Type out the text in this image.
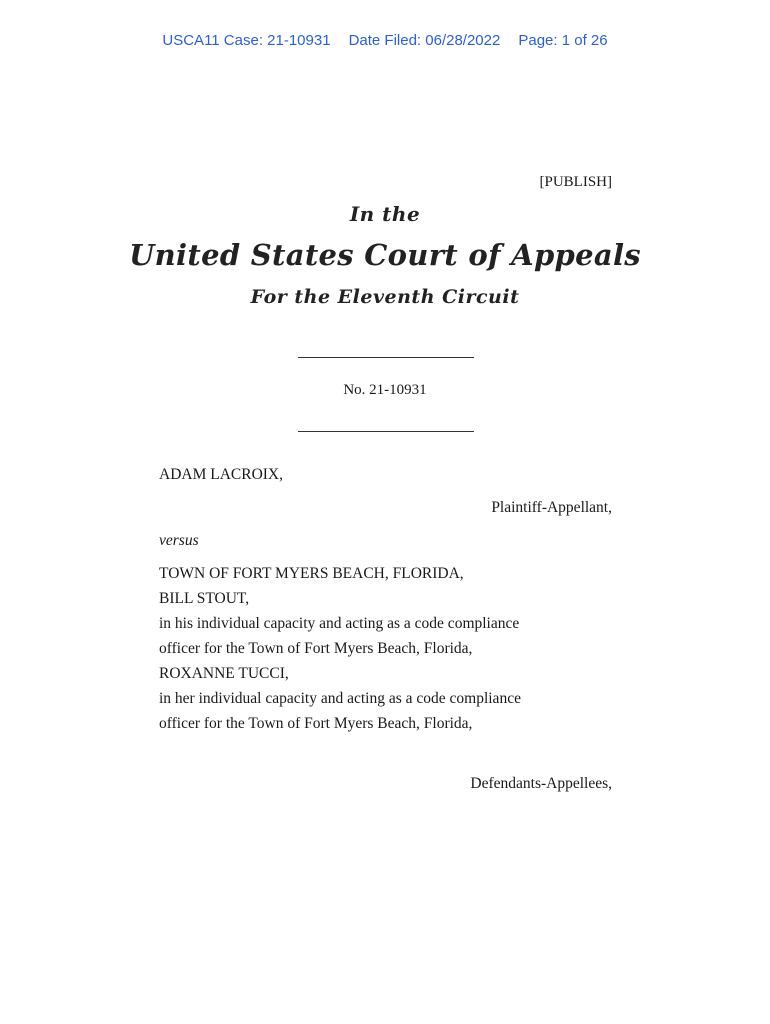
USCA11 Case: 21-10931 Date Filed: 06/28/2022 Page: 1 of 26
[PUBLISH]
In the
United States Court of Appeals
For the Eleventh Circuit
No. 21-10931
ADAM LACROIX,
Plaintiff-Appellant,
versus
TOWN OF FORT MYERS BEACH, FLORIDA,
BILL STOUT,
in his individual capacity and acting as a code compliance
officer for the Town of Fort Myers Beach, Florida,
ROXANNE TUCCI,
in her individual capacity and acting as a code compliance
officer for the Town of Fort Myers Beach, Florida,
Defendants-Appellees,
